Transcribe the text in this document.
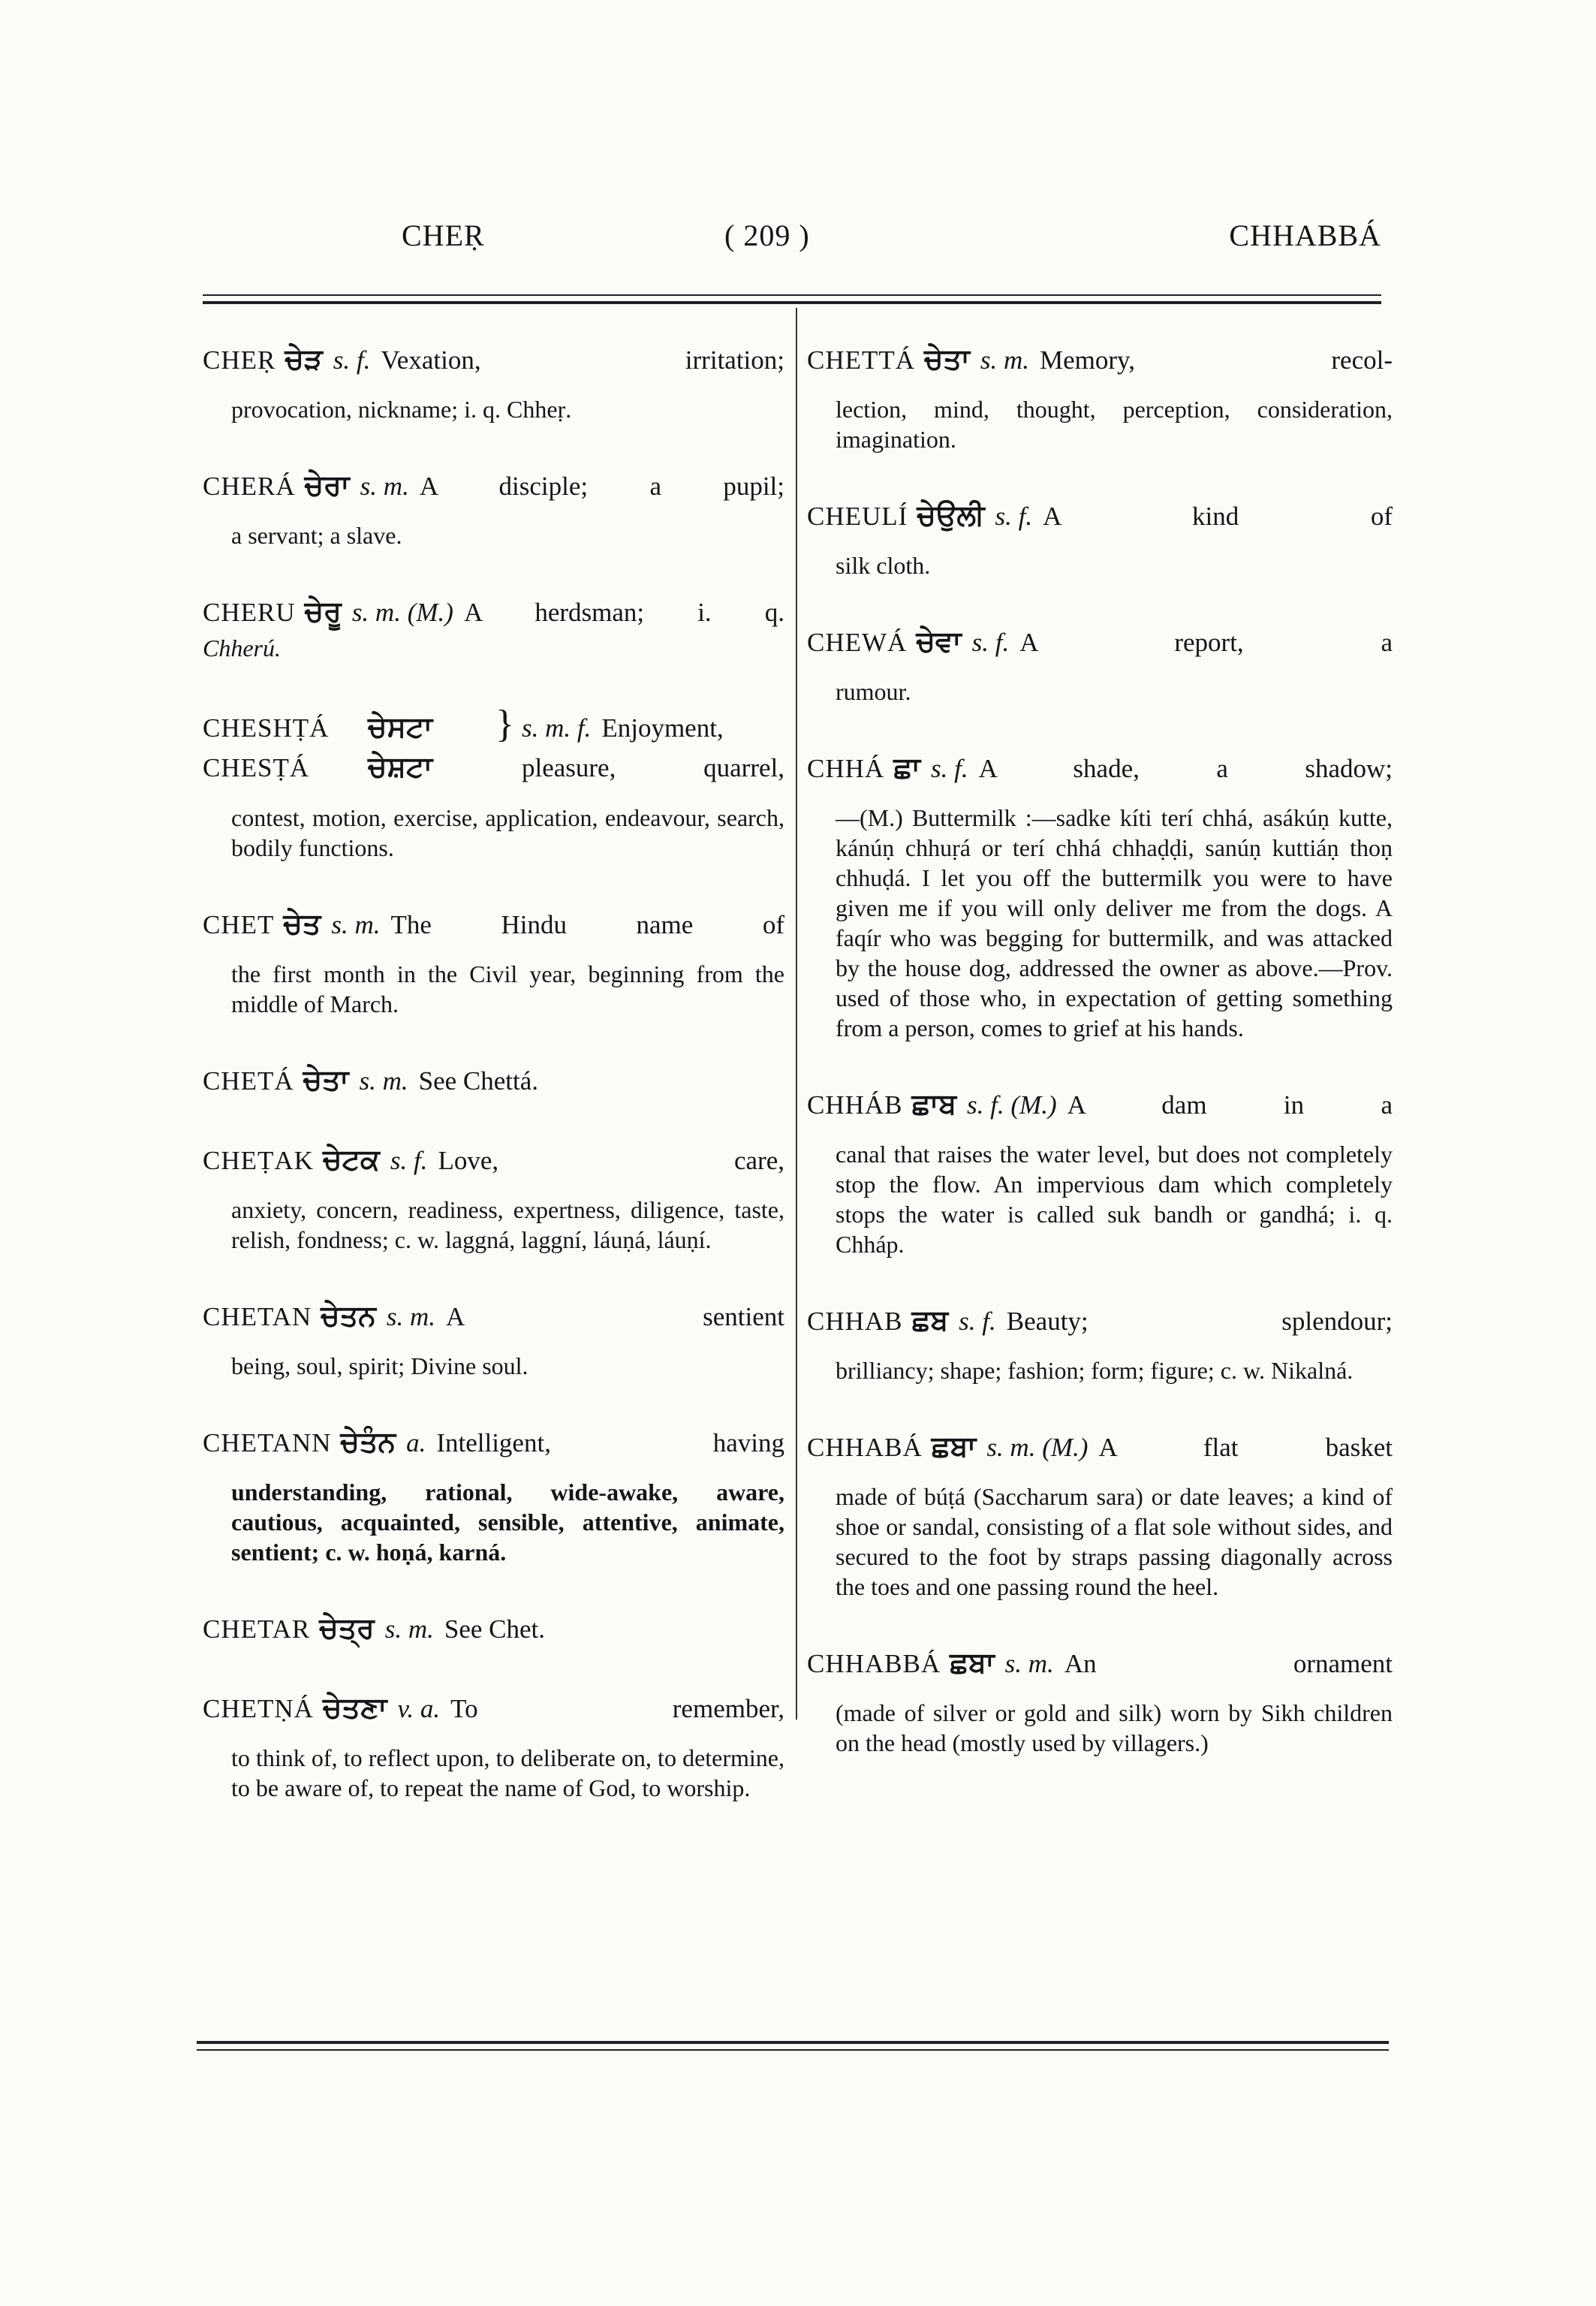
CHEṚ	( 209 )	CHHABBÁ
CHEṚ ਚੇੜ s. f. Vexation, irritation;
provocation, nickname; i. q. Chheṛ.
CHERÁ ਚੇਰਾ s. m. A disciple; a pupil;
a servant; a slave.
CHERU ਚੇਰੂ s. m. (M.) A herdsman; i. q.
Chherú.
CHESHṬÁ	ਚੇਸਟਾ	} s. m. f. Enjoyment,
CHESṬÁ	ਚੇਸ਼ਟਾ	pleasure, quarrel,
contest, motion, exercise, application, endeavour, search, bodily functions.
CHET ਚੇਤ s. m. The Hindu name of
the first month in the Civil year, beginning from the middle of March.
CHETÁ ਚੇਤਾ s. m. See Chettá.
CHEṬAK ਚੇਟਕ s. f. Love, care,
anxiety, concern, readiness, expertness, diligence, taste, relish, fondness; c. w. laggná, laggní, láuṇá, láuṇí.
CHETAN ਚੇਤਨ s. m. A sentient
being, soul, spirit; Divine soul.
CHETANN ਚੇਤੰਨ a. Intelligent, having
understanding, rational, wide-awake, aware, cautious, acquainted, sensible, attentive, animate, sentient; c. w. hoṇá, karná.
CHETAR ਚੇਤ੍ਰ s. m. See Chet.
CHETṆÁ ਚੇਤਣਾ v. a. To remember,
to think of, to reflect upon, to deliberate on, to determine, to be aware of, to repeat the name of God, to worship.
CHETTÁ ਚੇਤਾ s. m. Memory, recol-
lection, mind, thought, perception, consideration, imagination.
CHEULÍ ਚੇਉਲੀ s. f. A kind of
silk cloth.
CHEWÁ ਚੇਵਾ s. f. A report, a
rumour.
CHHÁ ਛਾ s. f. A shade, a shadow;
—(M.) Buttermilk :—sadke kíti terí chhá, asákúṇ kutte, kánúṇ chhuṛá or terí chhá chhaḍḍi, sanúṇ kuttiáṇ thoṇ chhuḍá. I let you off the buttermilk you were to have given me if you will only deliver me from the dogs. A faqír who was begging for buttermilk, and was attacked by the house dog, addressed the owner as above.—Prov. used of those who, in expectation of getting something from a person, comes to grief at his hands.
CHHÁB ਛਾਬ s. f. (M.) A dam in a
canal that raises the water level, but does not completely stop the flow. An impervious dam which completely stops the water is called suk bandh or gandhá; i. q. Chháp.
CHHAB ਛਬ s. f. Beauty; splendour;
brilliancy; shape; fashion; form; figure; c. w. Nikalná.
CHHABÁ ਛਬਾ s. m. (M.) A flat basket
made of búṭá (Saccharum sara) or date leaves; a kind of shoe or sandal, consisting of a flat sole without sides, and secured to the foot by straps passing diagonally across the toes and one passing round the heel.
CHHABBÁ ਛਬਾ s. m. An ornament
(made of silver or gold and silk) worn by Sikh children on the head (mostly used by villagers.)
